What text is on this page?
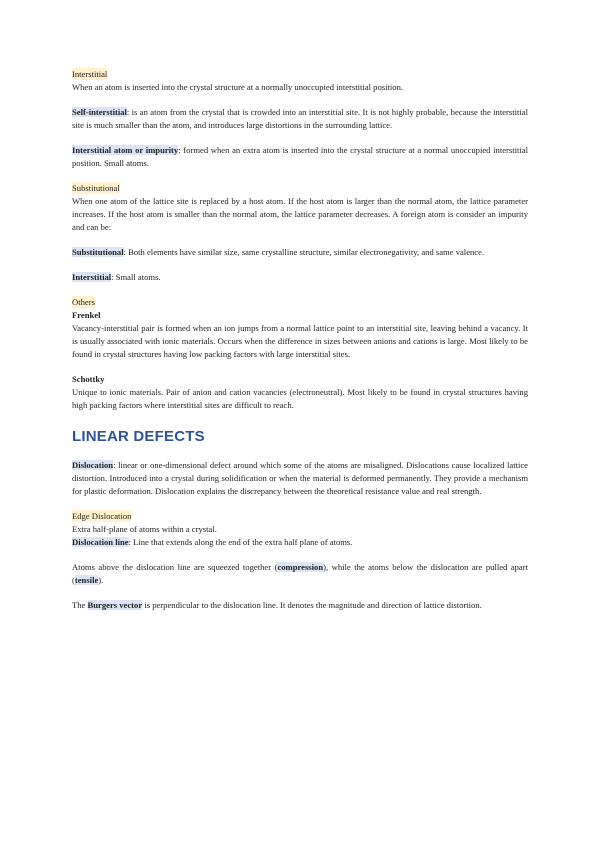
Interstitial

When an atom is inserted into the crystal structure at a normally unoccupied interstitial position.

Self-interstitial: is an atom from the crystal that is crowded into an interstitial site. It is not highly probable, because the interstitial site is much smaller than the atom, and introduces large distortions in the surrounding lattice.

Interstitial atom or impurity: formed when an extra atom is inserted into the crystal structure at a normal unoccupied interstitial position. Small atoms.

Substitutional

When one atom of the lattice site is replaced by a host atom. If the host atom is larger than the normal atom, the lattice parameter increases. If the host atom is smaller than the normal atom, the lattice parameter decreases. A foreign atom is consider an impurity and can be:

Substitutional: Both elements have similar size, same crystalline structure, similar electronegativity, and same valence.

Interstitial: Small atoms.

Others

Frenkel

Vacancy-interstitial pair is formed when an ion jumps from a normal lattice point to an interstitial site, leaving behind a vacancy. It is usually associated with ionic materials. Occurs when the difference in sizes between anions and cations is large. Most likely to be found in crystal structures having low packing factors with large interstitial sites.

Schottky

Unique to ionic materials. Pair of anion and cation vacancies (electroneutral). Most likely to be found in crystal structures having high packing factors where interstitial sites are difficult to reach.

LINEAR DEFECTS

Dislocation: linear or one-dimensional defect around which some of the atoms are misaligned. Dislocations cause localized lattice distortion. Introduced into a crystal during solidification or when the material is deformed permanently. They provide a mechanism for plastic deformation. Dislocation explains the discrepancy between the theoretical resistance value and real strength.

Edge Dislocation

Extra half-plane of atoms within a crystal.

Dislocation line: Line that extends along the end of the extra half plane of atoms.

Atoms above the dislocation line are squeezed together (compression), while the atoms below the dislocation are pulled apart (tensile).

The Burgers vector is perpendicular to the dislocation line. It denotes the magnitude and direction of lattice distortion.
